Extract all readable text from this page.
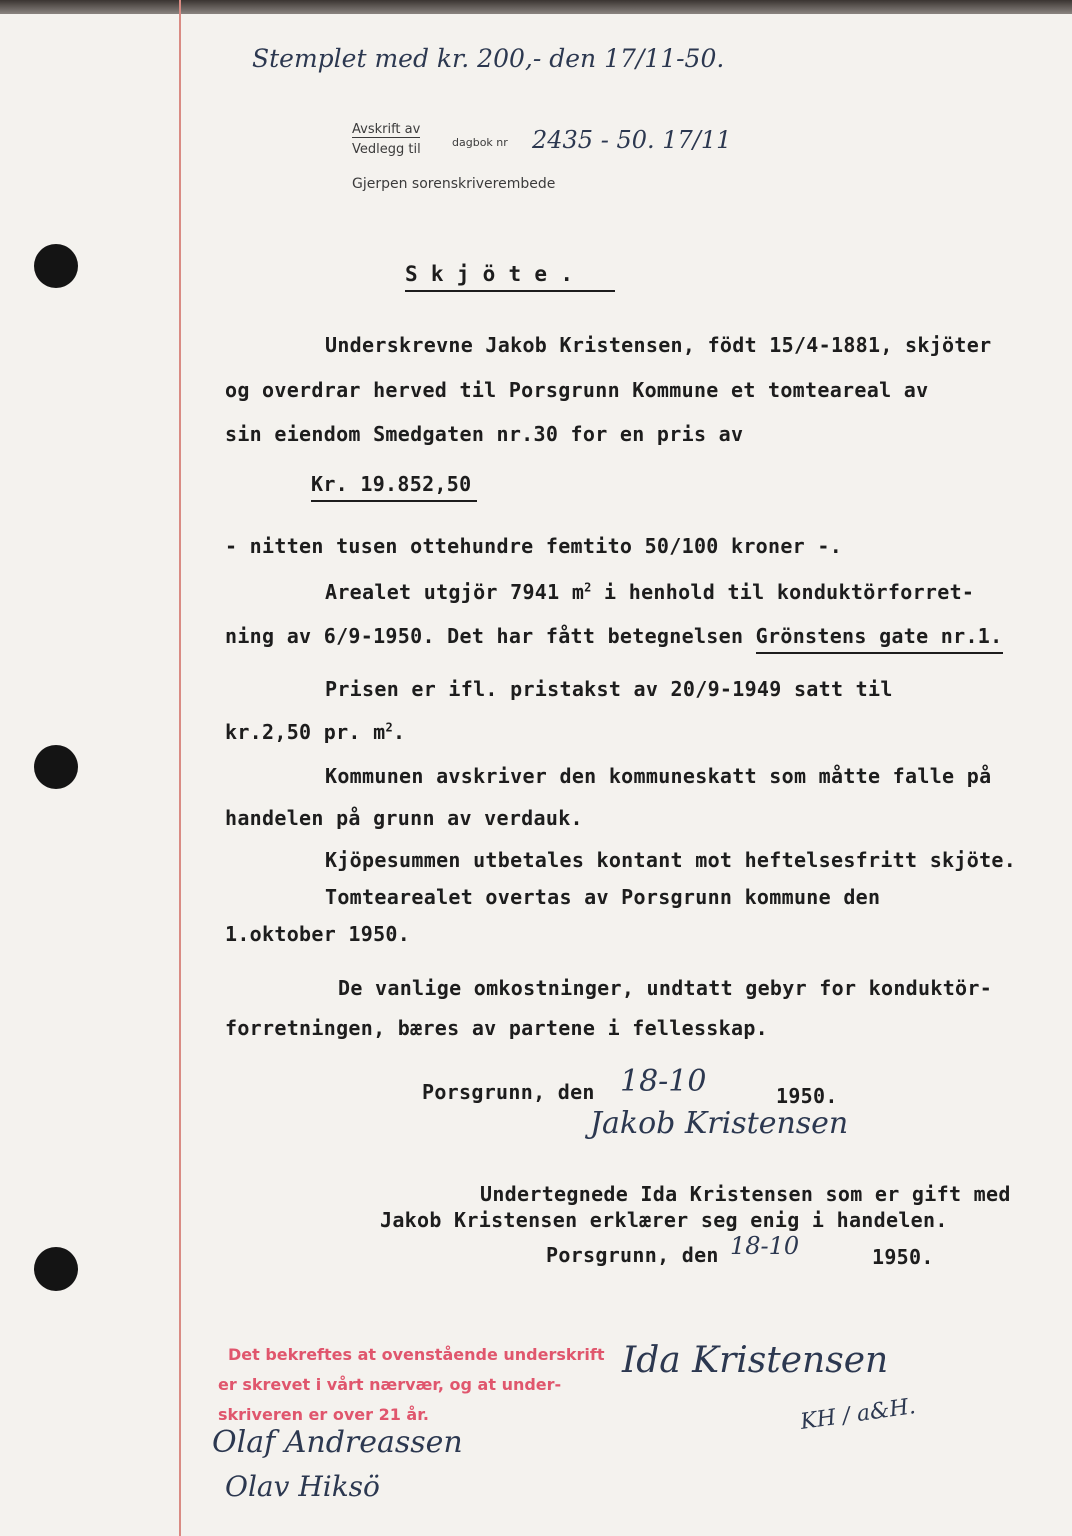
Stemplet med kr. 200,- den 17/11-50.
Avskrift av
Vedlegg til	dagbok nr 2435 - 50. 17/11
Gjerpen sorenskriverembede
S k j ö t e .
Underskrevne Jakob Kristensen, födt 15/4-1881, skjöter
og overdrar herved til Porsgrunn Kommune et tomteareal av
sin eiendom Smedgaten nr.30 for en pris av
Kr. 19.852,50
- nitten tusen ottehundre femtito 50/100 kroner -.
Arealet utgjör 7941 $m^2$ i henhold til konduktörforret-
ning av 6/9-1950. Det har fått betegnelsen Grönstens gate nr.1.
Prisen er ifl. pristakst av 20/9-1949 satt til
kr.2,50 pr. $m^2$.
Kommunen avskriver den kommuneskatt som måtte falle på
handelen på grunn av verdauk.
Kjöpesummen utbetales kontant mot heftelsesfritt skjöte.
Tomtearealet overtas av Porsgrunn kommune den
1.oktober 1950.
De vanlige omkostninger, undtatt gebyr for konduktör-
forretningen, bæres av partene i fellesskap.
Porsgrunn, den 18-10	1950.
Jakob Kristensen
Undertegnede Ida Kristensen som er gift med
Jakob Kristensen erklærer seg enig i handelen.
Porsgrunn, den 18-10	1950.
Ida Kristensen
Det bekreftes at ovenstående underskrift
er skrevet i vårt nærvær, og at under-
skriveren er over 21 år.
Olaf Andreassen
Olav Hiksö
KH / a&H.
